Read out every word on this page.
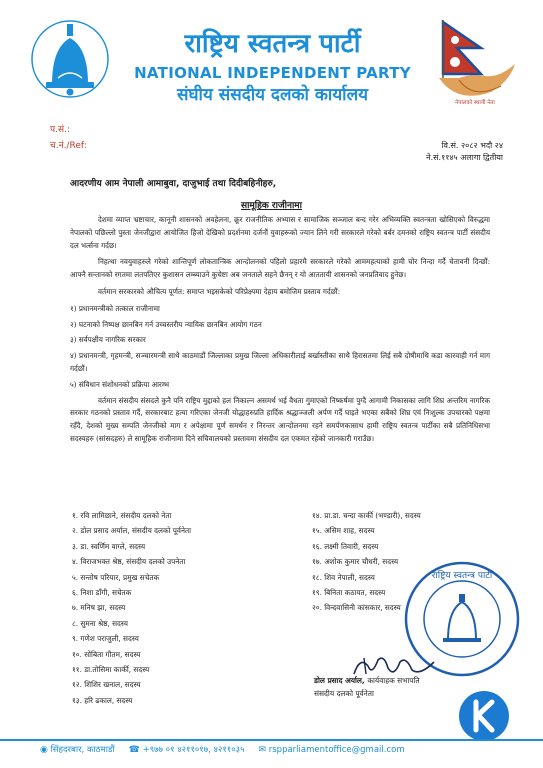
राष्ट्रिय स्वतन्त्र पार्टी
NATIONAL INDEPENDENT PARTY
संघीय संसदीय दलको कार्यालय	नेपालको स्थायी नेता
प.सं.:
च.नं./Ref:	वि.सं. २०८२ भदौ २४
ने.सं.११४५ अलागा द्वितीया
आदरणीय आम नेपाली आमाबुवा, दाजुभाई तथा दिदीबहिनीहरु,
सामूहिक राजीनामा

देशमा व्याप्त भ्रष्टाचार, कानूनी शासनको अवहेलना, क्रूर राजनीतिक अभ्यास र सामाजिक सञ्जाल बन्द गरेर अभिव्यक्ति स्वतन्त्रता खोसिएको विरुद्धमा नेपालको पछिल्लो पुस्ता जेनजीद्वारा आयोजित हिजो देखिको प्रदर्शनमा दर्जनौं युवाहरूको ज्यान लिने गरी सरकारले गरेको बर्बर दमनको राष्ट्रिय स्वतन्त्र पार्टी संसदीय दल भर्त्सना गर्दछ।

निहत्था नवयुवाहरुले गरेको शान्तिपूर्ण लोकतान्त्रिक आन्दोलनको पहिलो प्रहारमै सरकारले गरेको आममहत्याको हामी घोर निन्दा गर्दै चेतावनी दिन्छौं: आफ्नै सन्तानको रगतमा लतपतिएर कुशासन लम्ब्याउने कुचेष्टा अब जनताले सहने छैनन् र यो आततायी शासनको जनप्रतिवाद हुनेछ।

वर्तमान सरकारको औचित्य पूर्णत: समाप्त भइसकेको परिप्रेक्ष्यमा देहाय बमोजिम प्रस्ताव गर्दछौं:

१) प्रधानमन्त्रीको तत्काल राजीनामा
२) घटनाको निष्पक्ष छानबिन गर्न उच्चस्तरीय न्यायिक छानबिन आयोग गठन
३) सर्वपक्षीय नागरिक सरकार
४) प्रधानमन्त्री, गृहमन्त्री, सञ्चारमन्त्री साथै काठमाडौं जिल्लाका प्रमुख जिल्ला अधिकारीलाई बर्खास्तीका साथै हिरासतमा लिई सबै दोषीमाथि कडा कारवाही गर्न माग गर्दछौं।
५) संविधान संशोधनको प्रक्रिया आरम्भ

वर्तमान संसदीय संसदले कुनै पनि राष्ट्रिय मुद्दाको हल निकाल्न असमर्थ भई वैधता गुमाएको निष्कर्षमा पुग्दै आगामी निकासका लागि शिघ्र अन्तरिम नागरिक सरकार गठनको प्रस्ताव गर्दै, सरकारबाट हत्या गरिएका जेनजी योद्धाहरुप्रति हार्दिक श्रद्धाञ्जली अर्पण गर्दै घाइते भएका सबैको शिघ्र एवं निःशुल्क उपचारको पक्षमा रहँदै, देशको मुख्य सम्पति जेनजीको माग र अपेक्षामा पूर्ण समर्थन र निरन्तर आन्दोलनमा रहने समर्पणकासाथ हामी राष्ट्रिय स्वतन्त्र पार्टीका सबै प्रतिनिधिसभा सदस्यहरु (सांसदहरु) ले सामूहिक राजीनामा दिने सचिवालयको प्रस्तावमा संसदीय दल एकमत रहेको जानकारी गराउँछ।

१. रवि लामिछाने, संसदीय दलको नेता
२. डोल प्रसाद अर्याल, संसदीय दलको पूर्वनेता
३. डा. स्वर्णिम वाग्ले, सदस्य
४. विराजभक्त श्रेष्ठ, संसदीय दलको उपनेता
५. सन्तोष परियार, प्रमुख सचेतक
६. निशा डाँगी, सचेतक
७. मनिष झा, सदस्य
८. सुमना श्रेष्ठ, सदस्य
९. गणेश पराजुली, सदस्य
१०. सोबिता गौतम, सदस्य
११. डा.तोसिमा कार्की, सदस्य
१२. शिशिर खनाल, सदस्य
१३. हरि ढकाल, सदस्य
१४. प्रा.डा. चन्दा कार्की (भण्डारी), सदस्य
१५. असिम शाह, सदस्य
१६. लक्ष्मी तिवारी, सदस्य
१७. अशोक कुमार चौधरी, सदस्य
१८. शिव नेपाली, सदस्य
१९. बिनिता कठायत, सदस्य
२०. विन्दवासिनी कांसकार, सदस्य
राष्ट्रिय स्वतन्त्र पार्टी
डोल प्रसाद अर्याल, कार्यवाहक सभापति
संसदीय दलको पूर्वनेता
◉ सिंहदरबार, काठमाडौं ☎ +९७७ ०१ ४२११०१७, ४२११०३५ ✉ rspparliamentoffice@gmail.com
